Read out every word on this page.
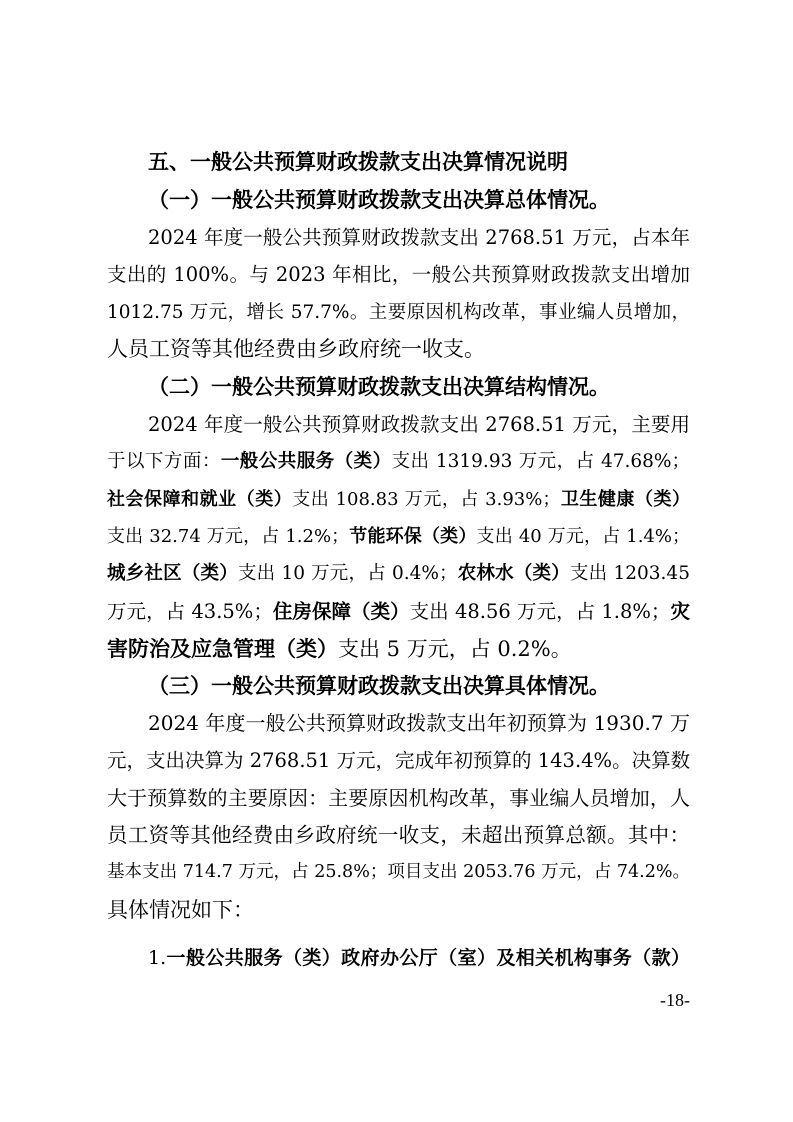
五、一般公共预算财政拨款支出决算情况说明
（一）一般公共预算财政拨款支出决算总体情况。
2024 年度一般公共预算财政拨款支出 2768.51 万元，占本年
支出的 100%。与 2023 年相比，一般公共预算财政拨款支出增加
1012.75 万元，增长 57.7%。主要原因机构改革，事业编人员增加，
人员工资等其他经费由乡政府统一收支。
（二）一般公共预算财政拨款支出决算结构情况。
2024 年度一般公共预算财政拨款支出 2768.51 万元，主要用
于以下方面：一般公共服务（类）支出 1319.93 万元，占 47.68%；
社会保障和就业（类）支出 108.83 万元，占 3.93%；卫生健康（类）
支出 32.74 万元，占 1.2%；节能环保（类）支出 40 万元，占 1.4%；
城乡社区（类）支出 10 万元，占 0.4%；农林水（类）支出 1203.45
万元，占 43.5%；住房保障（类）支出 48.56 万元，占 1.8%；灾
害防治及应急管理（类）支出 5 万元，占 0.2%。
（三）一般公共预算财政拨款支出决算具体情况。
2024 年度一般公共预算财政拨款支出年初预算为 1930.7 万
元，支出决算为 2768.51 万元，完成年初预算的 143.4%。决算数
大于预算数的主要原因：主要原因机构改革，事业编人员增加，人
员工资等其他经费由乡政府统一收支，未超出预算总额。其中：
基本支出 714.7 万元，占 25.8%；项目支出 2053.76 万元，占 74.2%。
具体情况如下：
1.一般公共服务（类）政府办公厅（室）及相关机构事务（款）
-18-
